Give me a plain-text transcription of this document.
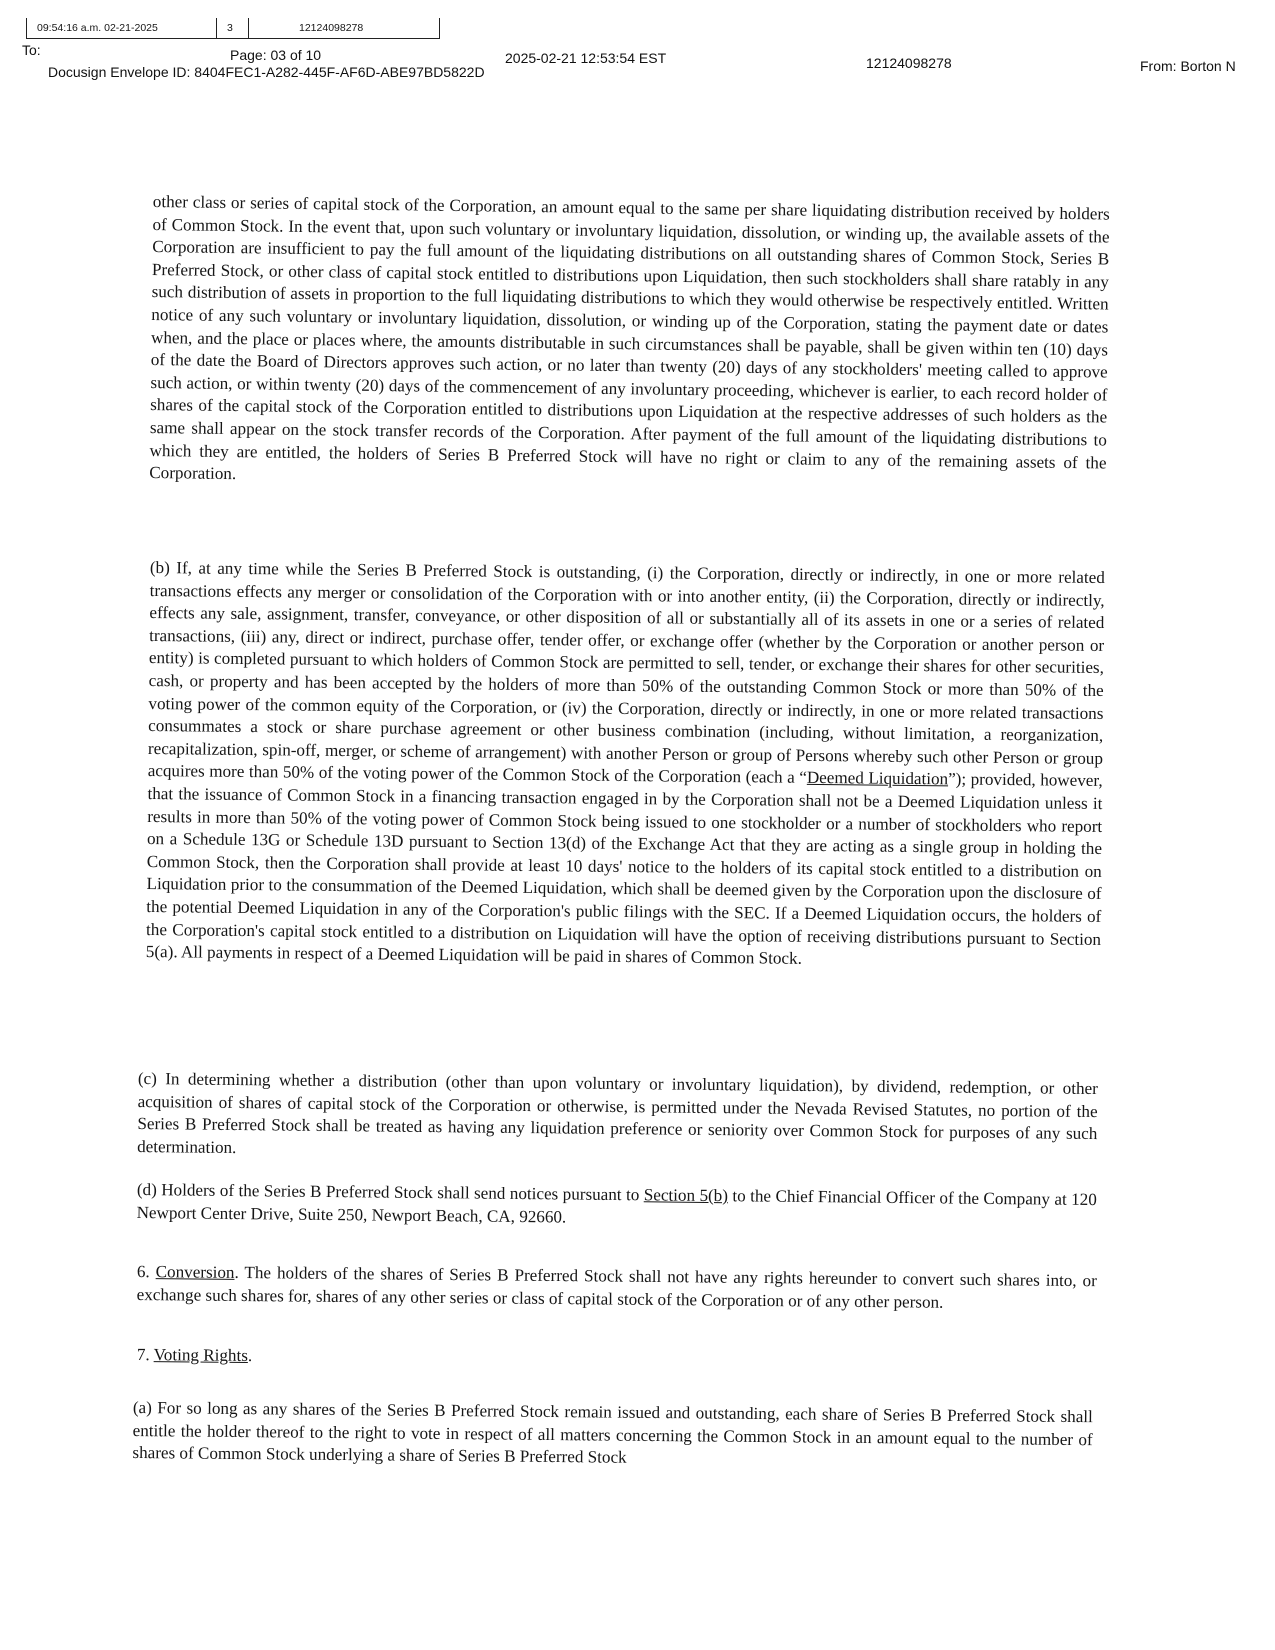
09:54:16 a.m. 02-21-2025	3	12124098278
To:	Page: 03 of 10	2025-02-21 12:53:54 EST	12124098278	From: Borton N
Docusign Envelope ID: 8404FEC1-A282-445F-AF6D-ABE97BD5822D

other class or series of capital stock of the Corporation, an amount equal to the same per share liquidating distribution received by holders of Common Stock. In the event that, upon such voluntary or involuntary liquidation, dissolution, or winding up, the available assets of the Corporation are insufficient to pay the full amount of the liquidating distributions on all outstanding shares of Common Stock, Series B Preferred Stock, or other class of capital stock entitled to distributions upon Liquidation, then such stockholders shall share ratably in any such distribution of assets in proportion to the full liquidating distributions to which they would otherwise be respectively entitled. Written notice of any such voluntary or involuntary liquidation, dissolution, or winding up of the Corporation, stating the payment date or dates when, and the place or places where, the amounts distributable in such circumstances shall be payable, shall be given within ten (10) days of the date the Board of Directors approves such action, or no later than twenty (20) days of any stockholders' meeting called to approve such action, or within twenty (20) days of the commencement of any involuntary proceeding, whichever is earlier, to each record holder of shares of the capital stock of the Corporation entitled to distributions upon Liquidation at the respective addresses of such holders as the same shall appear on the stock transfer records of the Corporation. After payment of the full amount of the liquidating distributions to which they are entitled, the holders of Series B Preferred Stock will have no right or claim to any of the remaining assets of the Corporation.

(b) If, at any time while the Series B Preferred Stock is outstanding, (i) the Corporation, directly or indirectly, in one or more related transactions effects any merger or consolidation of the Corporation with or into another entity, (ii) the Corporation, directly or indirectly, effects any sale, assignment, transfer, conveyance, or other disposition of all or substantially all of its assets in one or a series of related transactions, (iii) any, direct or indirect, purchase offer, tender offer, or exchange offer (whether by the Corporation or another person or entity) is completed pursuant to which holders of Common Stock are permitted to sell, tender, or exchange their shares for other securities, cash, or property and has been accepted by the holders of more than 50% of the outstanding Common Stock or more than 50% of the voting power of the common equity of the Corporation, or (iv) the Corporation, directly or indirectly, in one or more related transactions consummates a stock or share purchase agreement or other business combination (including, without limitation, a reorganization, recapitalization, spin-off, merger, or scheme of arrangement) with another Person or group of Persons whereby such other Person or group acquires more than 50% of the voting power of the Common Stock of the Corporation (each a “Deemed Liquidation”); provided, however, that the issuance of Common Stock in a financing transaction engaged in by the Corporation shall not be a Deemed Liquidation unless it results in more than 50% of the voting power of Common Stock being issued to one stockholder or a number of stockholders who report on a Schedule 13G or Schedule 13D pursuant to Section 13(d) of the Exchange Act that they are acting as a single group in holding the Common Stock, then the Corporation shall provide at least 10 days' notice to the holders of its capital stock entitled to a distribution on Liquidation prior to the consummation of the Deemed Liquidation, which shall be deemed given by the Corporation upon the disclosure of the potential Deemed Liquidation in any of the Corporation's public filings with the SEC. If a Deemed Liquidation occurs, the holders of the Corporation's capital stock entitled to a distribution on Liquidation will have the option of receiving distributions pursuant to Section 5(a). All payments in respect of a Deemed Liquidation will be paid in shares of Common Stock.

(c) In determining whether a distribution (other than upon voluntary or involuntary liquidation), by dividend, redemption, or other acquisition of shares of capital stock of the Corporation or otherwise, is permitted under the Nevada Revised Statutes, no portion of the Series B Preferred Stock shall be treated as having any liquidation preference or seniority over Common Stock for purposes of any such determination.

(d) Holders of the Series B Preferred Stock shall send notices pursuant to Section 5(b) to the Chief Financial Officer of the Company at 120 Newport Center Drive, Suite 250, Newport Beach, CA, 92660.

6. Conversion. The holders of the shares of Series B Preferred Stock shall not have any rights hereunder to convert such shares into, or exchange such shares for, shares of any other series or class of capital stock of the Corporation or of any other person.

7. Voting Rights.

(a) For so long as any shares of the Series B Preferred Stock remain issued and outstanding, each share of Series B Preferred Stock shall entitle the holder thereof to the right to vote in respect of all matters concerning the Common Stock in an amount equal to the number of shares of Common Stock underlying a share of Series B Preferred Stock
